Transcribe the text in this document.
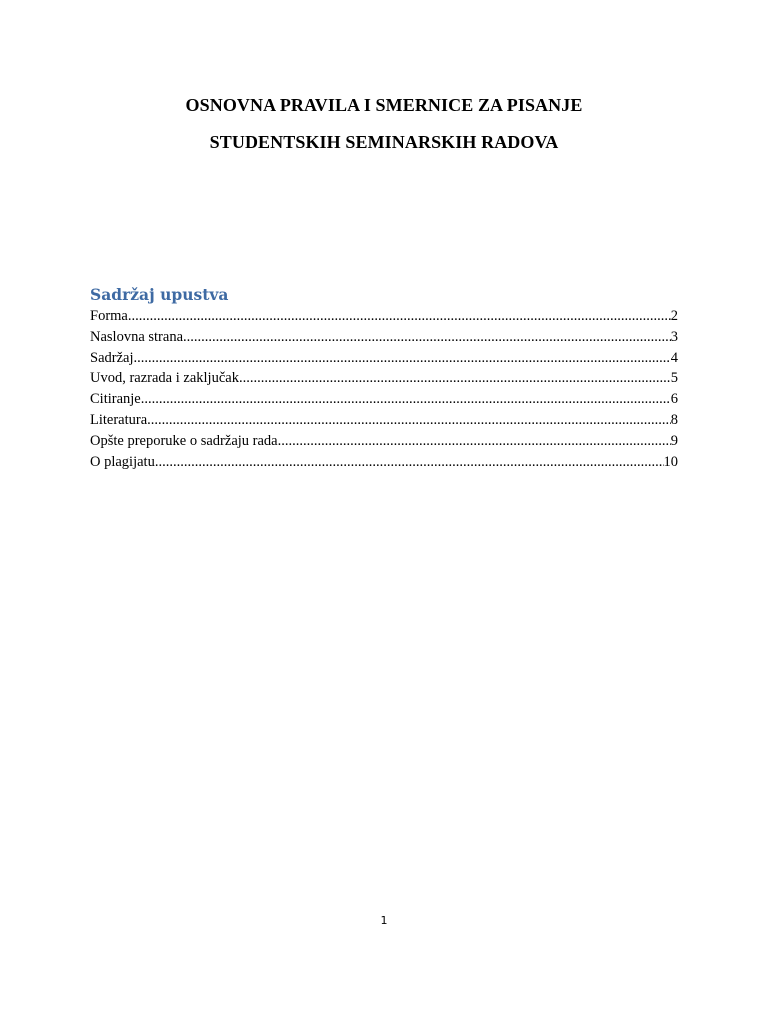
OSNOVNA PRAVILA I SMERNICE ZA PISANJE
STUDENTSKIH SEMINARSKIH RADOVA
Sadržaj upustva
Forma .....	2
Naslovna strana .....	3
Sadržaj .....	4
Uvod, razrada i zaključak .....	5
Citiranje .....	6
Literatura .....	8
Opšte preporuke o sadržaju rada .....	9
O plagijatu .....	10
1
